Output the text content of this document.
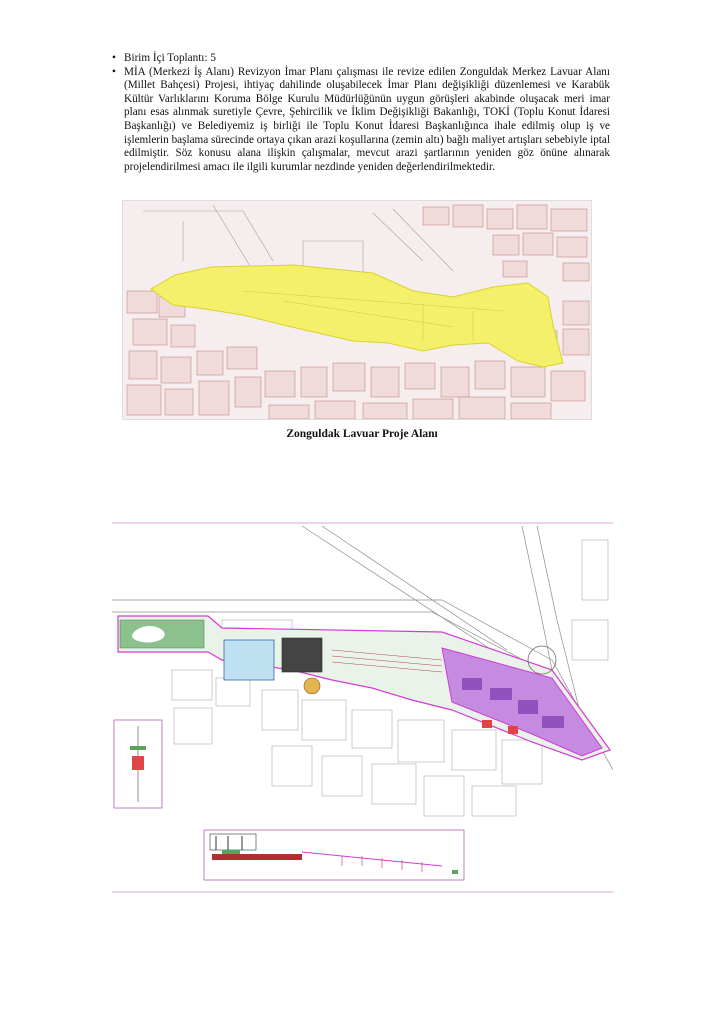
• Birim İçi Toplantı: 5
• MİA (Merkezi İş Alanı) Revizyon İmar Planı çalışması ile revize edilen Zonguldak Merkez Lavuar Alanı (Millet Bahçesi) Projesi, ihtiyaç dahilinde oluşabilecek İmar Planı değişikliği düzenlemesi ve Karabük Kültür Varlıklarını Koruma Bölge Kurulu Müdürlüğünün uygun görüşleri akabinde oluşacak meri imar planı esas alınmak suretiyle Çevre, Şehircilik ve İklim Değişikliği Bakanlığı, TOKİ (Toplu Konut İdaresi Başkanlığı) ve Belediyemiz iş birliği ile Toplu Konut İdaresi Başkanlığınca ihale edilmiş olup iş ve işlemlerin başlama sürecinde ortaya çıkan arazi koşullarına (zemin altı) bağlı maliyet artışları sebebiyle iptal edilmiştir. Söz konusu alana ilişkin çalışmalar, mevcut arazi şartlarının yeniden göz önüne alınarak projelendirilmesi amacı ile ilgili kurumlar nezdinde yeniden değerlendirilmektedir.
Zonguldak Lavuar Proje Alanı
